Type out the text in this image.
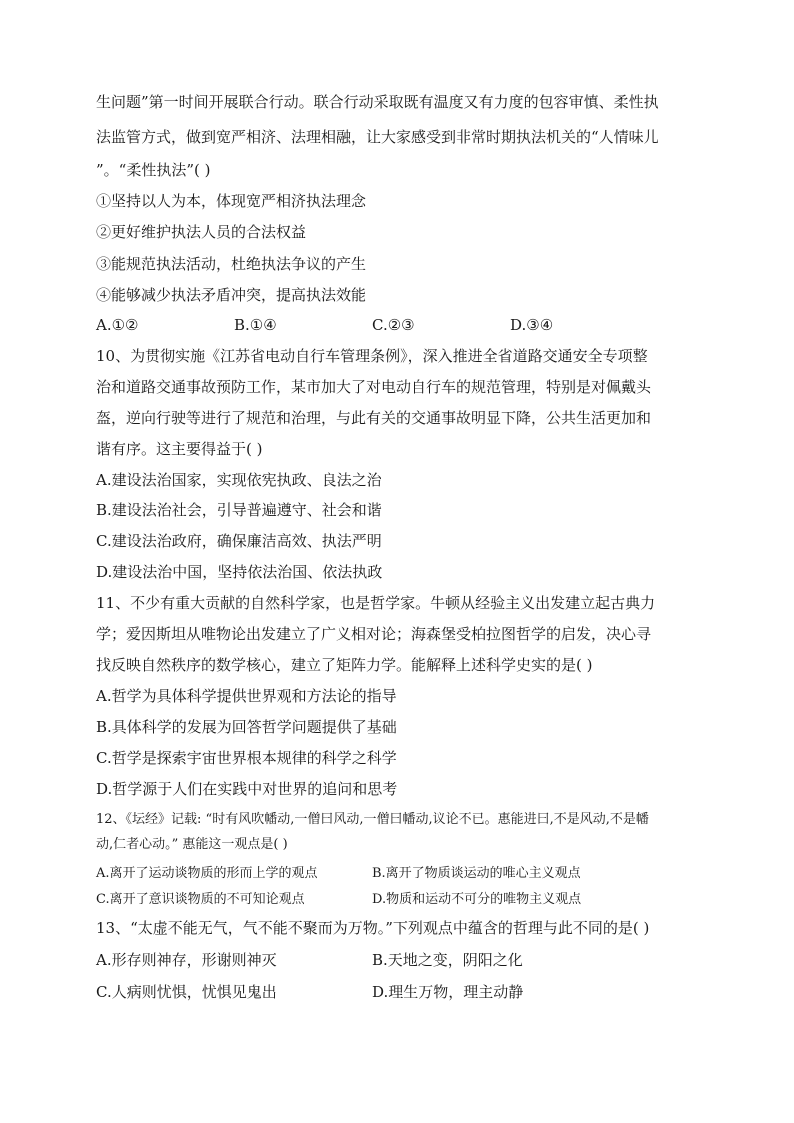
生问题”第一时间开展联合行动。联合行动采取既有温度又有力度的包容审慎、柔性执
法监管方式，做到宽严相济、法理相融，让大家感受到非常时期执法机关的“人情味儿
”。“柔性执法”( )
①坚持以人为本，体现宽严相济执法理念
②更好维护执法人员的合法权益
③能规范执法活动，杜绝执法争议的产生
④能够减少执法矛盾冲突，提高执法效能
A.①②	B.①④	C.②③	D.③④
10、为贯彻实施《江苏省电动自行车管理条例》，深入推进全省道路交通安全专项整
治和道路交通事故预防工作，某市加大了对电动自行车的规范管理，特别是对佩戴头
盔，逆向行驶等进行了规范和治理，与此有关的交通事故明显下降，公共生活更加和
谐有序。这主要得益于( )
A.建设法治国家，实现依宪执政、良法之治
B.建设法治社会，引导普遍遵守、社会和谐
C.建设法治政府，确保廉洁高效、执法严明
D.建设法治中国，坚持依法治国、依法执政
11、不少有重大贡献的自然科学家，也是哲学家。牛顿从经验主义出发建立起古典力
学；爱因斯坦从唯物论出发建立了广义相对论；海森堡受柏拉图哲学的启发，决心寻
找反映自然秩序的数学核心，建立了矩阵力学。能解释上述科学史实的是( )
A.哲学为具体科学提供世界观和方法论的指导
B.具体科学的发展为回答哲学问题提供了基础
C.哲学是探索宇宙世界根本规律的科学之科学
D.哲学源于人们在实践中对世界的追问和思考
12、《坛经》记载: “时有风吹幡动,一僧曰风动,一僧曰幡动,议论不已。惠能进曰,不是风动,不是幡
动,仁者心动。” 惠能这一观点是( )
A.离开了运动谈物质的形而上学的观点	B.离开了物质谈运动的唯心主义观点
C.离开了意识谈物质的不可知论观点	D.物质和运动不可分的唯物主义观点
13、“太虚不能无气，气不能不聚而为万物。”下列观点中蕴含的哲理与此不同的是( )
A.形存则神存，形谢则神灭	B.天地之变，阴阳之化
C.人病则忧惧，忧惧见鬼出	D.理生万物，理主动静
